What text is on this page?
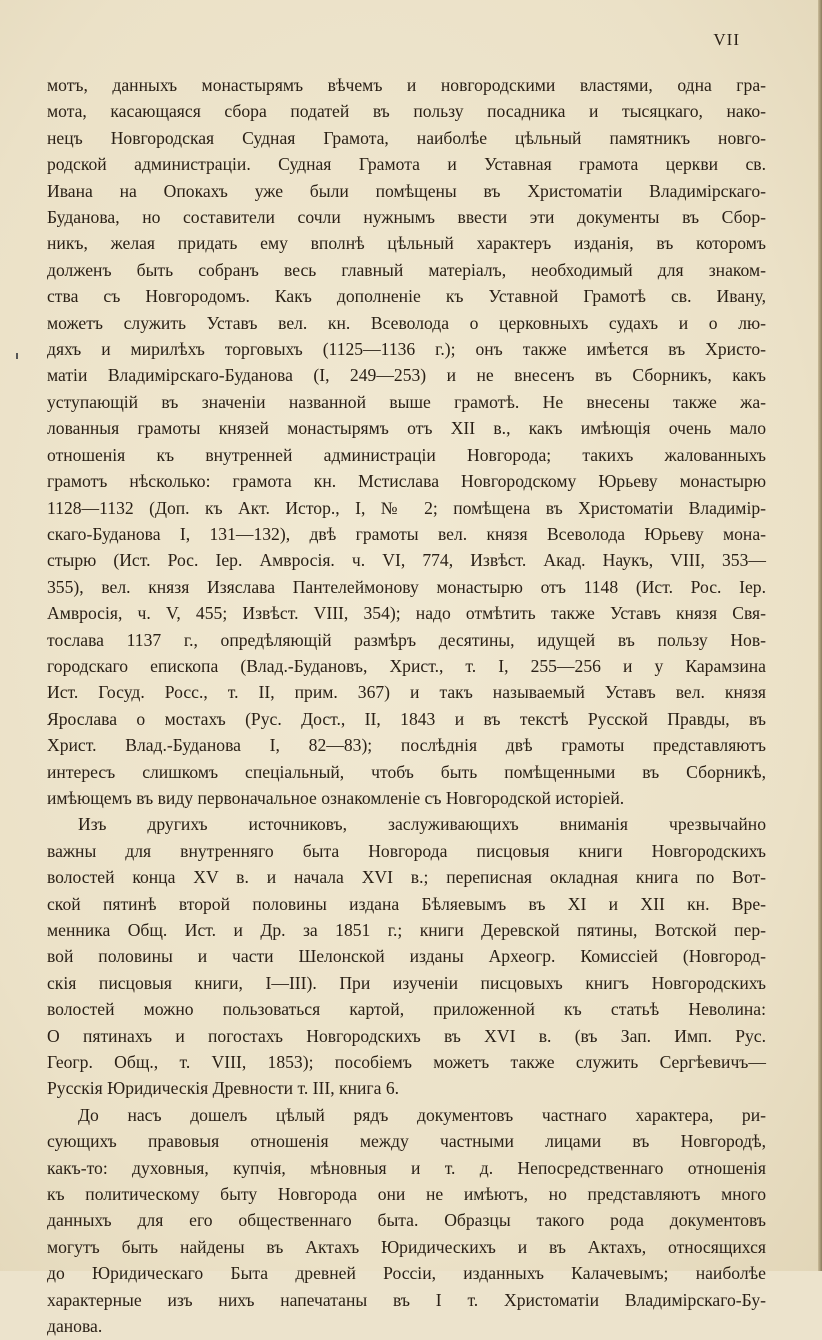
VII

мотъ, данныхъ монастырямъ вѣчемъ и новгородскими властями, одна гра-
мота, касающаяся сбора податей въ пользу посадника и тысяцкаго, нако-
нецъ Новгородская Судная Грамота, наиболѣе цѣльный памятникъ новго-
родской администраціи. Судная Грамота и Уставная грамота церкви св.
Ивана на Опокахъ уже были помѣщены въ Христоматіи Владимірскаго-
Буданова, но составители сочли нужнымъ ввести эти документы въ Сбор-
никъ, желая придать ему вполнѣ цѣльный характеръ изданія, въ которомъ
долженъ быть собранъ весь главный матеріалъ, необходимый для знаком-
ства съ Новгородомъ. Какъ дополненіе къ Уставной Грамотѣ св. Ивану,
можетъ служить Уставъ вел. кн. Всеволода о церковныхъ судахъ и о лю-
дяхъ и мирилѣхъ торговыхъ (1125—1136 г.); онъ также имѣется въ Христо-
матіи Владимірскаго-Буданова (I, 249—253) и не внесенъ въ Сборникъ, какъ
уступающій въ значеніи названной выше грамотѣ. Не внесены также жа-
лованныя грамоты князей монастырямъ отъ XII в., какъ имѣющія очень мало
отношенія къ внутренней администраціи Новгорода; такихъ жалованныхъ
грамотъ нѣсколько: грамота кн. Мстислава Новгородскому Юрьеву монастырю
1128—1132 (Доп. къ Акт. Истор., I, № 2; помѣщена въ Христоматіи Владимір-
скаго-Буданова I, 131—132), двѣ грамоты вел. князя Всеволода Юрьеву мона-
стырю (Ист. Рос. Іер. Амвросія. ч. VI, 774, Извѣст. Акад. Наукъ, VIII, 353—
355), вел. князя Изяслава Пантелеймонову монастырю отъ 1148 (Ист. Рос. Іер.
Амвросія, ч. V, 455; Извѣст. VIII, 354); надо отмѣтить также Уставъ князя Свя-
тослава 1137 г., опредѣляющій размѣръ десятины, идущей въ пользу Нов-
городскаго епископа (Влад.-Будановъ, Христ., т. I, 255—256 и у Карамзина
Ист. Госуд. Росс., т. II, прим. 367) и такъ называемый Уставъ вел. князя
Ярослава о мостахъ (Рус. Дост., II, 1843 и въ текстѣ Русской Правды, въ
Христ. Влад.-Буданова I, 82—83); послѣднія двѣ грамоты представляютъ
интересъ слишкомъ спеціальный, чтобъ быть помѣщенными въ Сборникѣ,
имѣющемъ въ виду первоначальное ознакомленіе съ Новгородской исторіей.

Изъ другихъ источниковъ, заслуживающихъ вниманія чрезвычайно
важны для внутренняго быта Новгорода писцовыя книги Новгородскихъ
волостей конца XV в. и начала XVI в.; переписная окладная книга по Вот-
ской пятинѣ второй половины издана Бѣляевымъ въ XI и XII кн. Вре-
менника Общ. Ист. и Др. за 1851 г.; книги Деревской пятины, Вотской пер-
вой половины и части Шелонской изданы Археогр. Комиссіей (Новгород-
скія писцовыя книги, I—III). При изученіи писцовыхъ книгъ Новгородскихъ
волостей можно пользоваться картой, приложенной къ статьѣ Неволина:
О пятинахъ и погостахъ Новгородскихъ въ XVI в. (въ Зап. Имп. Рус.
Геогр. Общ., т. VIII, 1853); пособіемъ можетъ также служить Сергѣевичъ—
Русскія Юридическія Древности т. III, книга 6.

До насъ дошелъ цѣлый рядъ документовъ частнаго характера, ри-
сующихъ правовыя отношенія между частными лицами въ Новгородѣ,
какъ-то: духовныя, купчія, мѣновныя и т. д. Непосредственнаго отношенія
къ политическому быту Новгорода они не имѣютъ, но представляютъ много
данныхъ для его общественнаго быта. Образцы такого рода документовъ
могутъ быть найдены въ Актахъ Юридическихъ и въ Актахъ, относящихся
до Юридическаго Быта древней Россіи, изданныхъ Калачевымъ; наиболѣе
характерные изъ нихъ напечатаны въ I т. Христоматіи Владимірскаго-Бу-
данова.
